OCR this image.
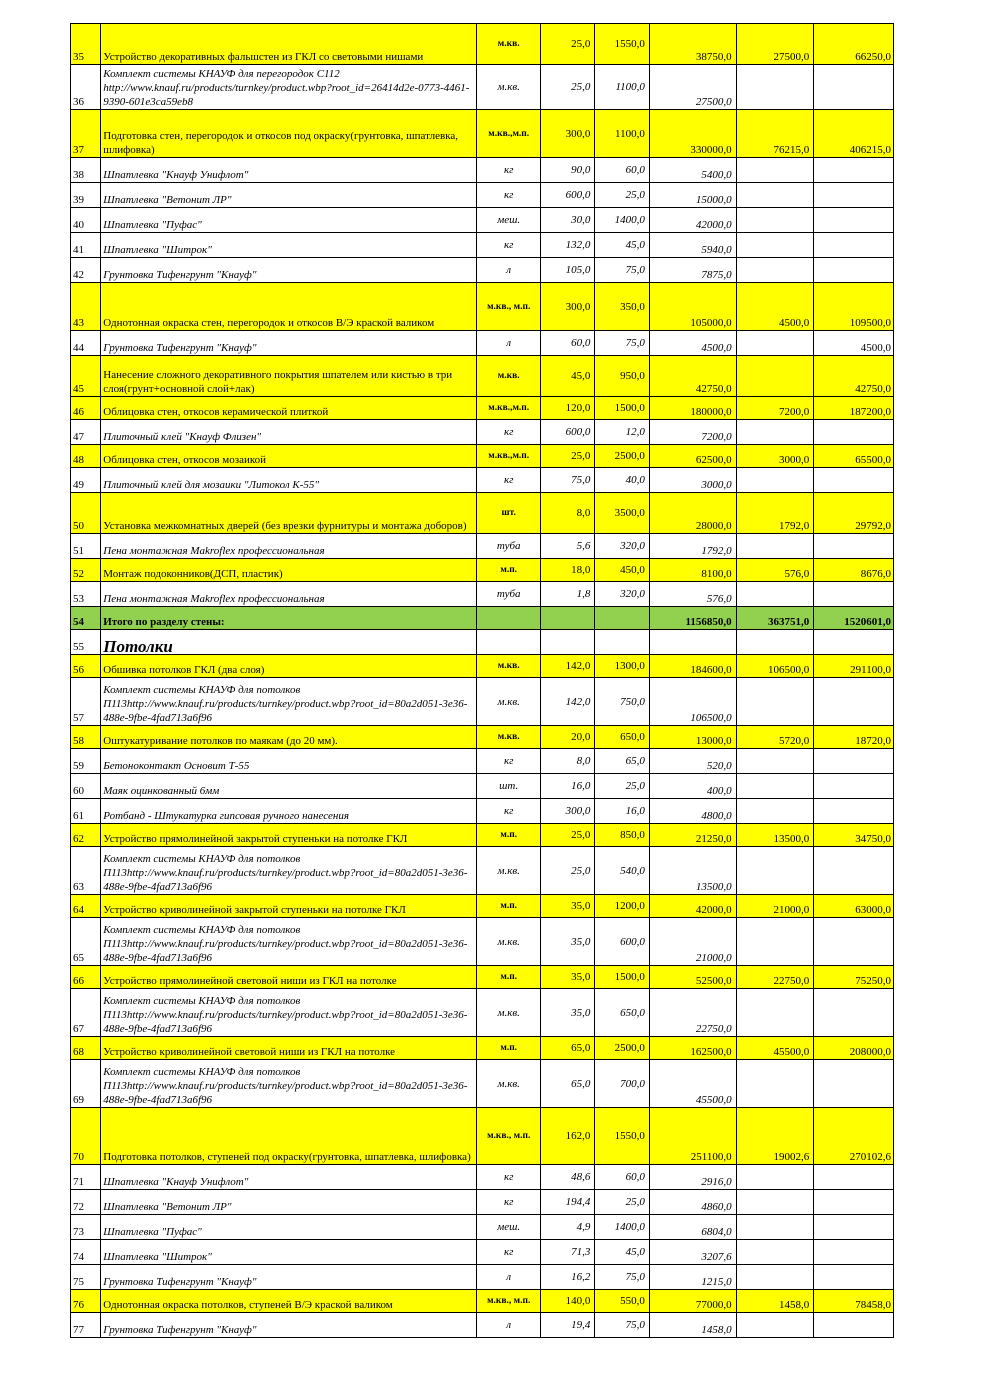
35	Устройство декоративных фальшстен из ГКЛ со световыми нишами	м.кв.	25,0	1550,0	38750,0	27500,0	66250,0
36	Комплект системы КНАУФ для перегородок С112 http://www.knauf.ru/products/turnkey/product.wbp?root_id=26414d2e-0773-4461-9390-601e3ca59eb8	м.кв.	25,0	1100,0	27500,0		
37	Подготовка стен, перегородок и откосов под окраску(грунтовка, шпатлевка, шлифовка)	м.кв.,м.п.	300,0	1100,0	330000,0	76215,0	406215,0
38	Шпатлевка "Кнауф Унифлот"	кг	90,0	60,0	5400,0		
39	Шпатлевка "Ветонит ЛР"	кг	600,0	25,0	15000,0		
40	Шпатлевка "Пуфас"	меш.	30,0	1400,0	42000,0		
41	Шпатлевка "Шитрок"	кг	132,0	45,0	5940,0		
42	Грунтовка Тифенгрунт "Кнауф"	л	105,0	75,0	7875,0		
43	Однотонная окраска стен, перегородок и откосов В/Э краской валиком	м.кв., м.п.	300,0	350,0	105000,0	4500,0	109500,0
44	Грунтовка Тифенгрунт "Кнауф"	л	60,0	75,0	4500,0		4500,0
45	Нанесение сложного декоративного покрытия шпателем или кистью в три слоя(грунт+основной слой+лак)	м.кв.	45,0	950,0	42750,0		42750,0
46	Облицовка стен, откосов керамической плиткой	м.кв.,м.п.	120,0	1500,0	180000,0	7200,0	187200,0
47	Плиточный клей "Кнауф Флизен"	кг	600,0	12,0	7200,0		
48	Облицовка стен, откосов мозаикой	м.кв.,м.п.	25,0	2500,0	62500,0	3000,0	65500,0
49	Плиточный клей для мозаики "Литокол К-55"	кг	75,0	40,0	3000,0		
50	Установка межкомнатных дверей (без врезки фурнитуры и монтажа доборов)	шт.	8,0	3500,0	28000,0	1792,0	29792,0
51	Пена монтажная Makroflex профессиональная	туба	5,6	320,0	1792,0		
52	Монтаж подоконников(ДСП, пластик)	м.п.	18,0	450,0	8100,0	576,0	8676,0
53	Пена монтажная Makroflex профессиональная	туба	1,8	320,0	576,0		
54	Итого по разделу стены:				1156850,0	363751,0	1520601,0
55	Потолки						
56	Обшивка потолков ГКЛ (два слоя)	м.кв.	142,0	1300,0	184600,0	106500,0	291100,0
57	Комплект системы КНАУФ для потолков П113http://www.knauf.ru/products/turnkey/product.wbp?root_id=80a2d051-3e36-488e-9fbe-4fad713a6f96	м.кв.	142,0	750,0	106500,0		
58	Оштукатуривание потолков по маякам (до 20 мм).	м.кв.	20,0	650,0	13000,0	5720,0	18720,0
59	Бетоноконтакт Основит Т-55	кг	8,0	65,0	520,0		
60	Маяк оцинкованный 6мм	шт.	16,0	25,0	400,0		
61	Ротбанд - Штукатурка гипсовая ручного нанесения	кг	300,0	16,0	4800,0		
62	Устройство прямолинейной закрытой ступеньки на потолке ГКЛ	м.п.	25,0	850,0	21250,0	13500,0	34750,0
63	Комплект системы КНАУФ для потолков П113http://www.knauf.ru/products/turnkey/product.wbp?root_id=80a2d051-3e36-488e-9fbe-4fad713a6f96	м.кв.	25,0	540,0	13500,0		
64	Устройство криволинейной закрытой ступеньки на потолке ГКЛ	м.п.	35,0	1200,0	42000,0	21000,0	63000,0
65	Комплект системы КНАУФ для потолков П113http://www.knauf.ru/products/turnkey/product.wbp?root_id=80a2d051-3e36-488e-9fbe-4fad713a6f96	м.кв.	35,0	600,0	21000,0		
66	Устройство прямолинейной световой ниши из ГКЛ на потолке	м.п.	35,0	1500,0	52500,0	22750,0	75250,0
67	Комплект системы КНАУФ для потолков П113http://www.knauf.ru/products/turnkey/product.wbp?root_id=80a2d051-3e36-488e-9fbe-4fad713a6f96	м.кв.	35,0	650,0	22750,0		
68	Устройство криволинейной световой ниши из ГКЛ на потолке	м.п.	65,0	2500,0	162500,0	45500,0	208000,0
69	Комплект системы КНАУФ для потолков П113http://www.knauf.ru/products/turnkey/product.wbp?root_id=80a2d051-3e36-488e-9fbe-4fad713a6f96	м.кв.	65,0	700,0	45500,0		
70	Подготовка потолков, ступеней под окраску(грунтовка, шпатлевка, шлифовка)	м.кв., м.п.	162,0	1550,0	251100,0	19002,6	270102,6
71	Шпатлевка "Кнауф Унифлот"	кг	48,6	60,0	2916,0		
72	Шпатлевка "Ветонит ЛР"	кг	194,4	25,0	4860,0		
73	Шпатлевка "Пуфас"	меш.	4,9	1400,0	6804,0		
74	Шпатлевка "Шитрок"	кг	71,3	45,0	3207,6		
75	Грунтовка Тифенгрунт "Кнауф"	л	16,2	75,0	1215,0		
76	Однотонная окраска потолков, ступеней В/Э краской валиком	м.кв., м.п.	140,0	550,0	77000,0	1458,0	78458,0
77	Грунтовка Тифенгрунт "Кнауф"	л	19,4	75,0	1458,0		
